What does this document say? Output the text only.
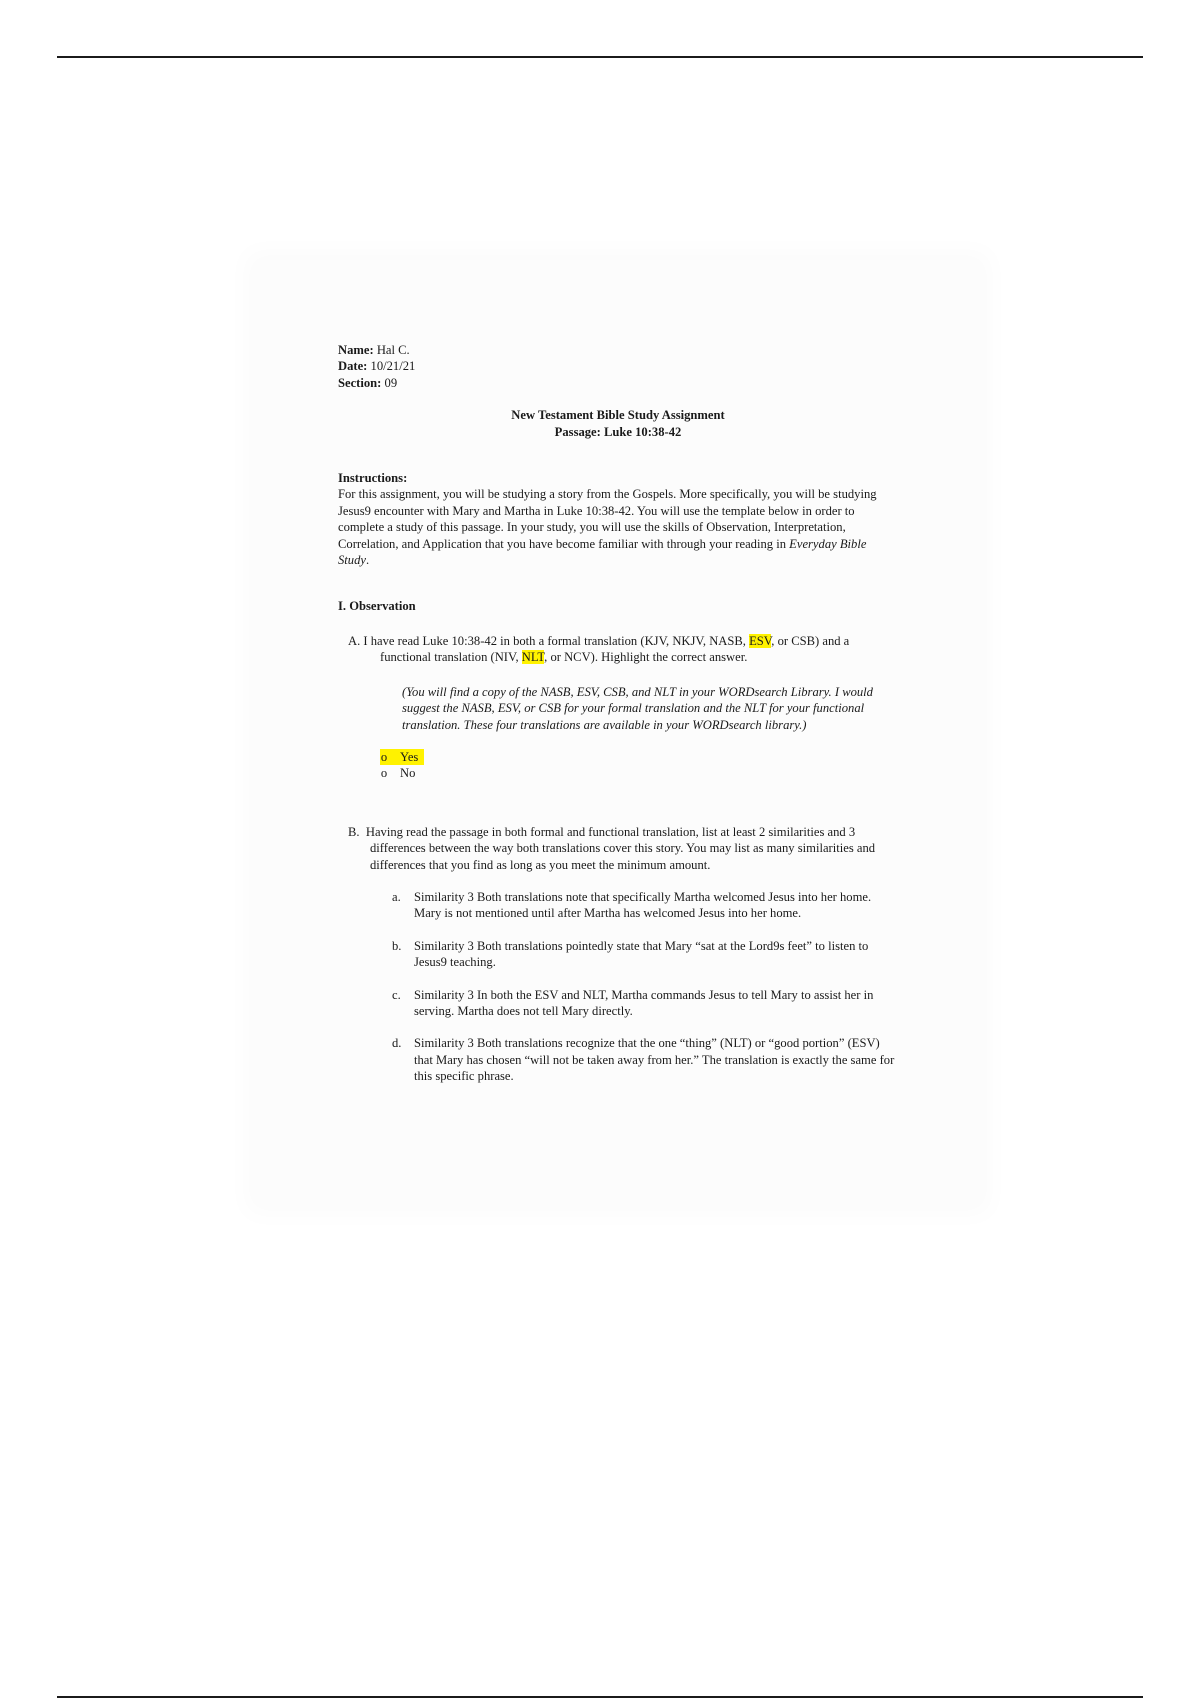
Name: Hal C.

Date: 10/21/21

Section: 09

New Testament Bible Study Assignment

Passage: Luke 10:38-42

Instructions:

For this assignment, you will be studying a story from the Gospels. More specifically, you will be studying Jesus9 encounter with Mary and Martha in Luke 10:38-42. You will use the template below in order to complete a study of this passage. In your study, you will use the skills of Observation, Interpretation, Correlation, and Application that you have become familiar with through your reading in Everyday Bible Study.

I. Observation

A. I have read Luke 10:38-42 in both a formal translation (KJV, NKJV, NASB, ESV, or CSB) and a functional translation (NIV, NLT, or NCV). Highlight the correct answer.

(You will find a copy of the NASB, ESV, CSB, and NLT in your WORDsearch Library. I would suggest the NASB, ESV, or CSB for your formal translation and the NLT for your functional translation. These four translations are available in your WORDsearch library.)

o Yes
o No

B. Having read the passage in both formal and functional translation, list at least 2 similarities and 3 differences between the way both translations cover this story. You may list as many similarities and differences that you find as long as you meet the minimum amount.

a.	Similarity 3 Both translations note that specifically Martha welcomed Jesus into her home. Mary is not mentioned until after Martha has welcomed Jesus into her home.
b. Similarity 3 Both translations pointedly state that Mary “sat at the Lord9s feet” to listen to Jesus9 teaching.
c.	Similarity 3 In both the ESV and NLT, Martha commands Jesus to tell Mary to assist her in serving. Martha does not tell Mary directly.
d. Similarity 3 Both translations recognize that the one “thing” (NLT) or “good portion” (ESV) that Mary has chosen “will not be taken away from her.” The translation is exactly the same for this specific phrase.
